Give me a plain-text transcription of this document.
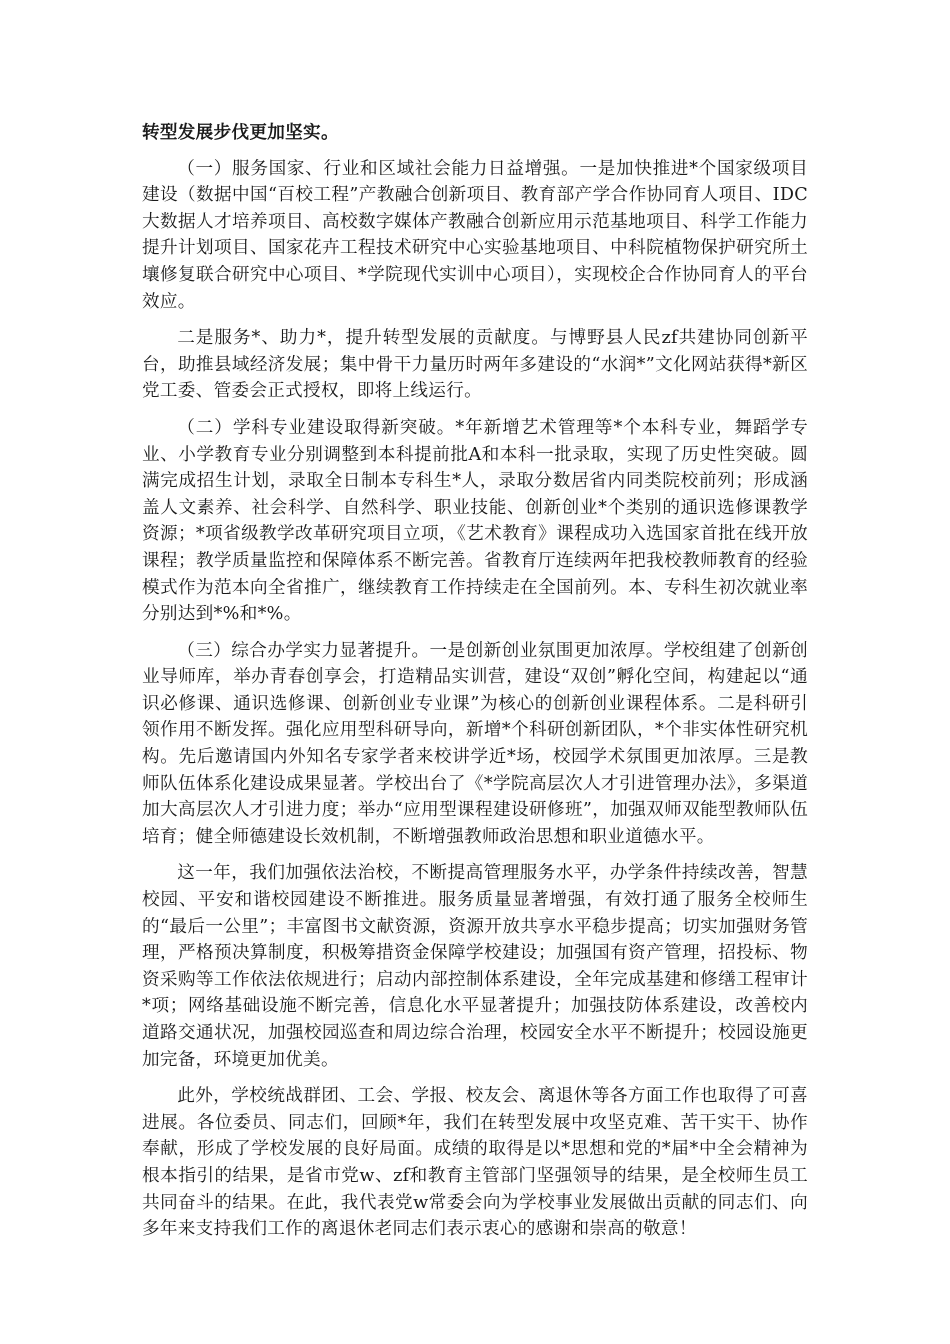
转型发展步伐更加坚实。

（一）服务国家、行业和区域社会能力日益增强。一是加快推进*个国家级项目建设（数据中国“百校工程”产教融合创新项目、教育部产学合作协同育人项目、IDC大数据人才培养项目、高校数字媒体产教融合创新应用示范基地项目、科学工作能力提升计划项目、国家花卉工程技术研究中心实验基地项目、中科院植物保护研究所土壤修复联合研究中心项目、*学院现代实训中心项目），实现校企合作协同育人的平台效应。

二是服务*、助力*，提升转型发展的贡献度。与博野县人民zf共建协同创新平台，助推县域经济发展；集中骨干力量历时两年多建设的“水润*”文化网站获得*新区党工委、管委会正式授权，即将上线运行。

（二）学科专业建设取得新突破。*年新增艺术管理等*个本科专业，舞蹈学专业、小学教育专业分别调整到本科提前批A和本科一批录取，实现了历史性突破。圆满完成招生计划，录取全日制本专科生*人，录取分数居省内同类院校前列；形成涵盖人文素养、社会科学、自然科学、职业技能、创新创业*个类别的通识选修课教学资源；*项省级教学改革研究项目立项，《艺术教育》课程成功入选国家首批在线开放课程；教学质量监控和保障体系不断完善。省教育厅连续两年把我校教师教育的经验模式作为范本向全省推广，继续教育工作持续走在全国前列。本、专科生初次就业率分别达到*%和*%。

（三）综合办学实力显著提升。一是创新创业氛围更加浓厚。学校组建了创新创业导师库，举办青春创享会，打造精品实训营，建设“双创”孵化空间，构建起以“通识必修课、通识选修课、创新创业专业课”为核心的创新创业课程体系。二是科研引领作用不断发挥。强化应用型科研导向，新增*个科研创新团队，*个非实体性研究机构。先后邀请国内外知名专家学者来校讲学近*场，校园学术氛围更加浓厚。三是教师队伍体系化建设成果显著。学校出台了《*学院高层次人才引进管理办法》，多渠道加大高层次人才引进力度；举办“应用型课程建设研修班”，加强双师双能型教师队伍培育；健全师德建设长效机制，不断增强教师政治思想和职业道德水平。

这一年，我们加强依法治校，不断提高管理服务水平，办学条件持续改善，智慧校园、平安和谐校园建设不断推进。服务质量显著增强，有效打通了服务全校师生的“最后一公里”；丰富图书文献资源，资源开放共享水平稳步提高；切实加强财务管理，严格预决算制度，积极筹措资金保障学校建设；加强国有资产管理，招投标、物资采购等工作依法依规进行；启动内部控制体系建设，全年完成基建和修缮工程审计*项；网络基础设施不断完善，信息化水平显著提升；加强技防体系建设，改善校内道路交通状况，加强校园巡查和周边综合治理，校园安全水平不断提升；校园设施更加完备，环境更加优美。

此外，学校统战群团、工会、学报、校友会、离退休等各方面工作也取得了可喜进展。各位委员、同志们，回顾*年，我们在转型发展中攻坚克难、苦干实干、协作奉献，形成了学校发展的良好局面。成绩的取得是以*思想和党的*届*中全会精神为根本指引的结果，是省市党w、zf和教育主管部门坚强领导的结果，是全校师生员工共同奋斗的结果。在此，我代表党w常委会向为学校事业发展做出贡献的同志们、向多年来支持我们工作的离退休老同志们表示衷心的感谢和崇高的敬意！
